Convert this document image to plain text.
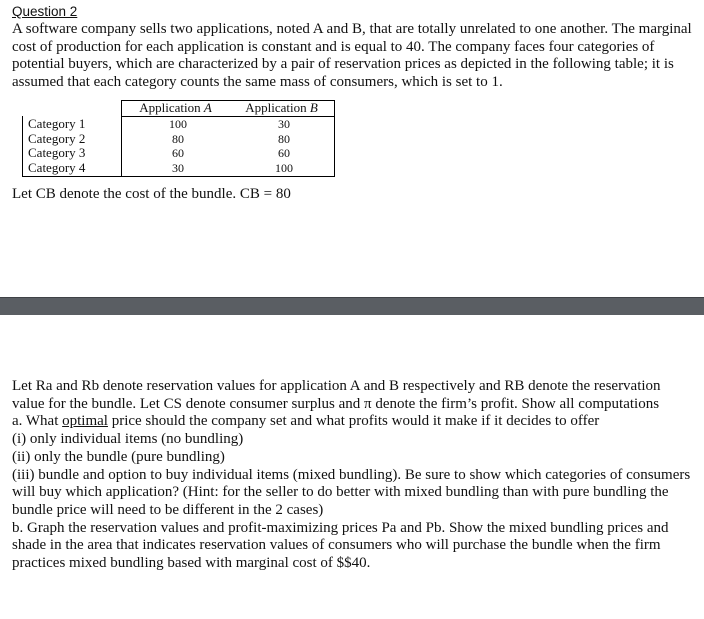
Question 2

A software company sells two applications, noted A and B, that are totally unrelated to one another. The marginal cost of production for each application is constant and is equal to 40. The company faces four categories of potential buyers, which are characterized by a pair of reservation prices as depicted in the following table; it is assumed that each category counts the same mass of consumers, which is set to 1.

	Application A	Application B
Category 1	100	30
Category 2	80	80
Category 3	60	60
Category 4	30	100
Let CB denote the cost of the bundle. CB = 80
Let Ra and Rb denote reservation values for application A and B respectively and RB denote the reservation value for the bundle. Let CS denote consumer surplus and π denote the firm’s profit. Show all computations
a. What optimal price should the company set and what profits would it make if it decides to offer
(i) only individual items (no bundling)
(ii) only the bundle (pure bundling)
(iii) bundle and option to buy individual items (mixed bundling). Be sure to show which categories of consumers will buy which application? (Hint: for the seller to do better with mixed bundling than with pure bundling the bundle price will need to be different in the 2 cases)
b. Graph the reservation values and profit-maximizing prices Pa and Pb. Show the mixed bundling prices and shade in the area that indicates reservation values of consumers who will purchase the bundle when the firm practices mixed bundling based with marginal cost of $$40.
